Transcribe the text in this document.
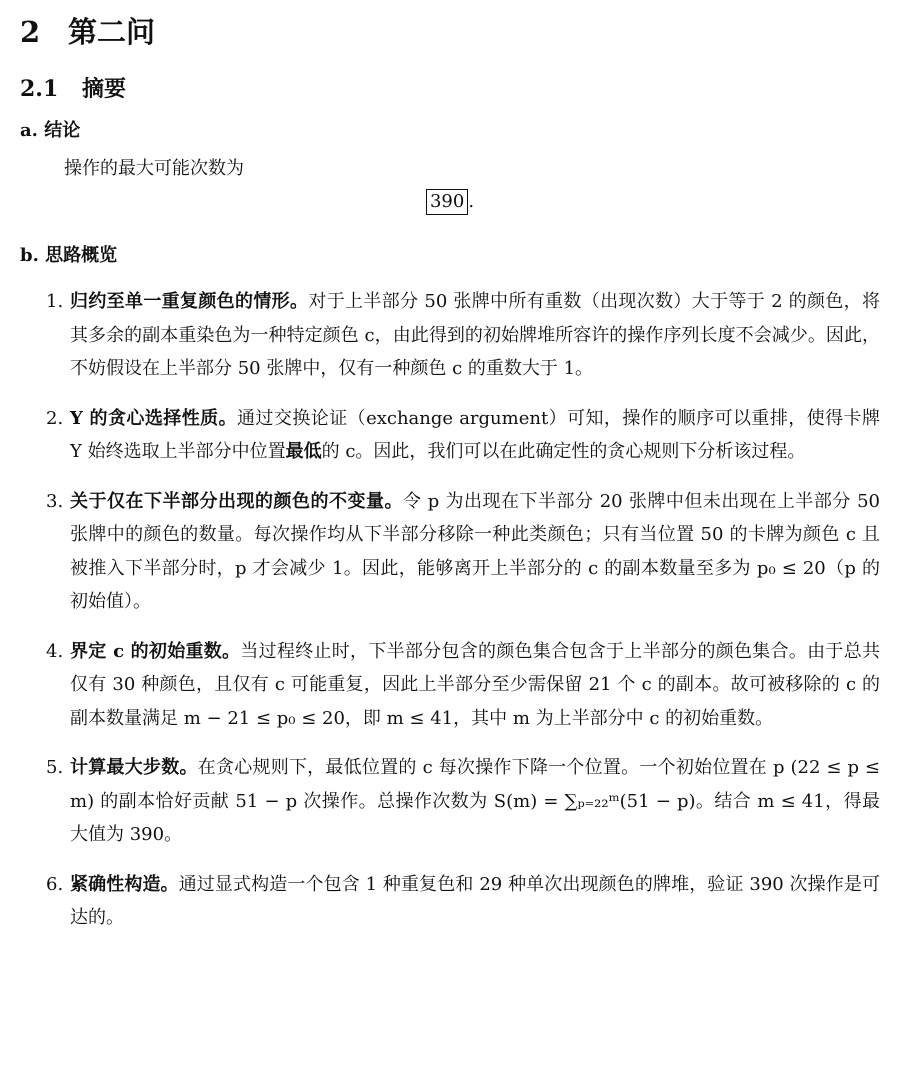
2 第二问
2.1 摘要
a. 结论
操作的最大可能次数为
390 .
b. 思路概览
1. 归约至单一重复颜色的情形。对于上半部分 50 张牌中所有重数（出现次数）大于等于 2 的颜色，将其多余的副本重染色为一种特定颜色 c，由此得到的初始牌堆所容许的操作序列长度不会减少。因此，不妨假设在上半部分 50 张牌中，仅有一种颜色 c 的重数大于 1。
2. Y 的贪心选择性质。通过交换论证（exchange argument）可知，操作的顺序可以重排，使得卡牌 Y 始终选取上半部分中位置最低的 c。因此，我们可以在此确定性的贪心规则下分析该过程。
3. 关于仅在下半部分出现的颜色的不变量。令 p 为出现在下半部分 20 张牌中但未出现在上半部分 50 张牌中的颜色的数量。每次操作均从下半部分移除一种此类颜色；只有当位置 50 的卡牌为颜色 c 且被推入下半部分时，p 才会减少 1。因此，能够离开上半部分的 c 的副本数量至多为 p₀ ≤ 20（p 的初始值）。
4. 界定 c 的初始重数。当过程终止时，下半部分包含的颜色集合包含于上半部分的颜色集合。由于总共仅有 30 种颜色，且仅有 c 可能重复，因此上半部分至少需保留 21 个 c 的副本。故可被移除的 c 的副本数量满足 m − 21 ≤ p₀ ≤ 20，即 m ≤ 41，其中 m 为上半部分中 c 的初始重数。
5. 计算最大步数。在贪心规则下，最低位置的 c 每次操作下降一个位置。一个初始位置在 p (22 ≤ p ≤ m) 的副本恰好贡献 51 − p 次操作。总操作次数为 S(m) = ∑ₚ₌₂₂ᵐ(51 − p)。结合 m ≤ 41，得最大值为 390。
6. 紧确性构造。通过显式构造一个包含 1 种重复色和 29 种单次出现颜色的牌堆，验证 390 次操作是可达的。
